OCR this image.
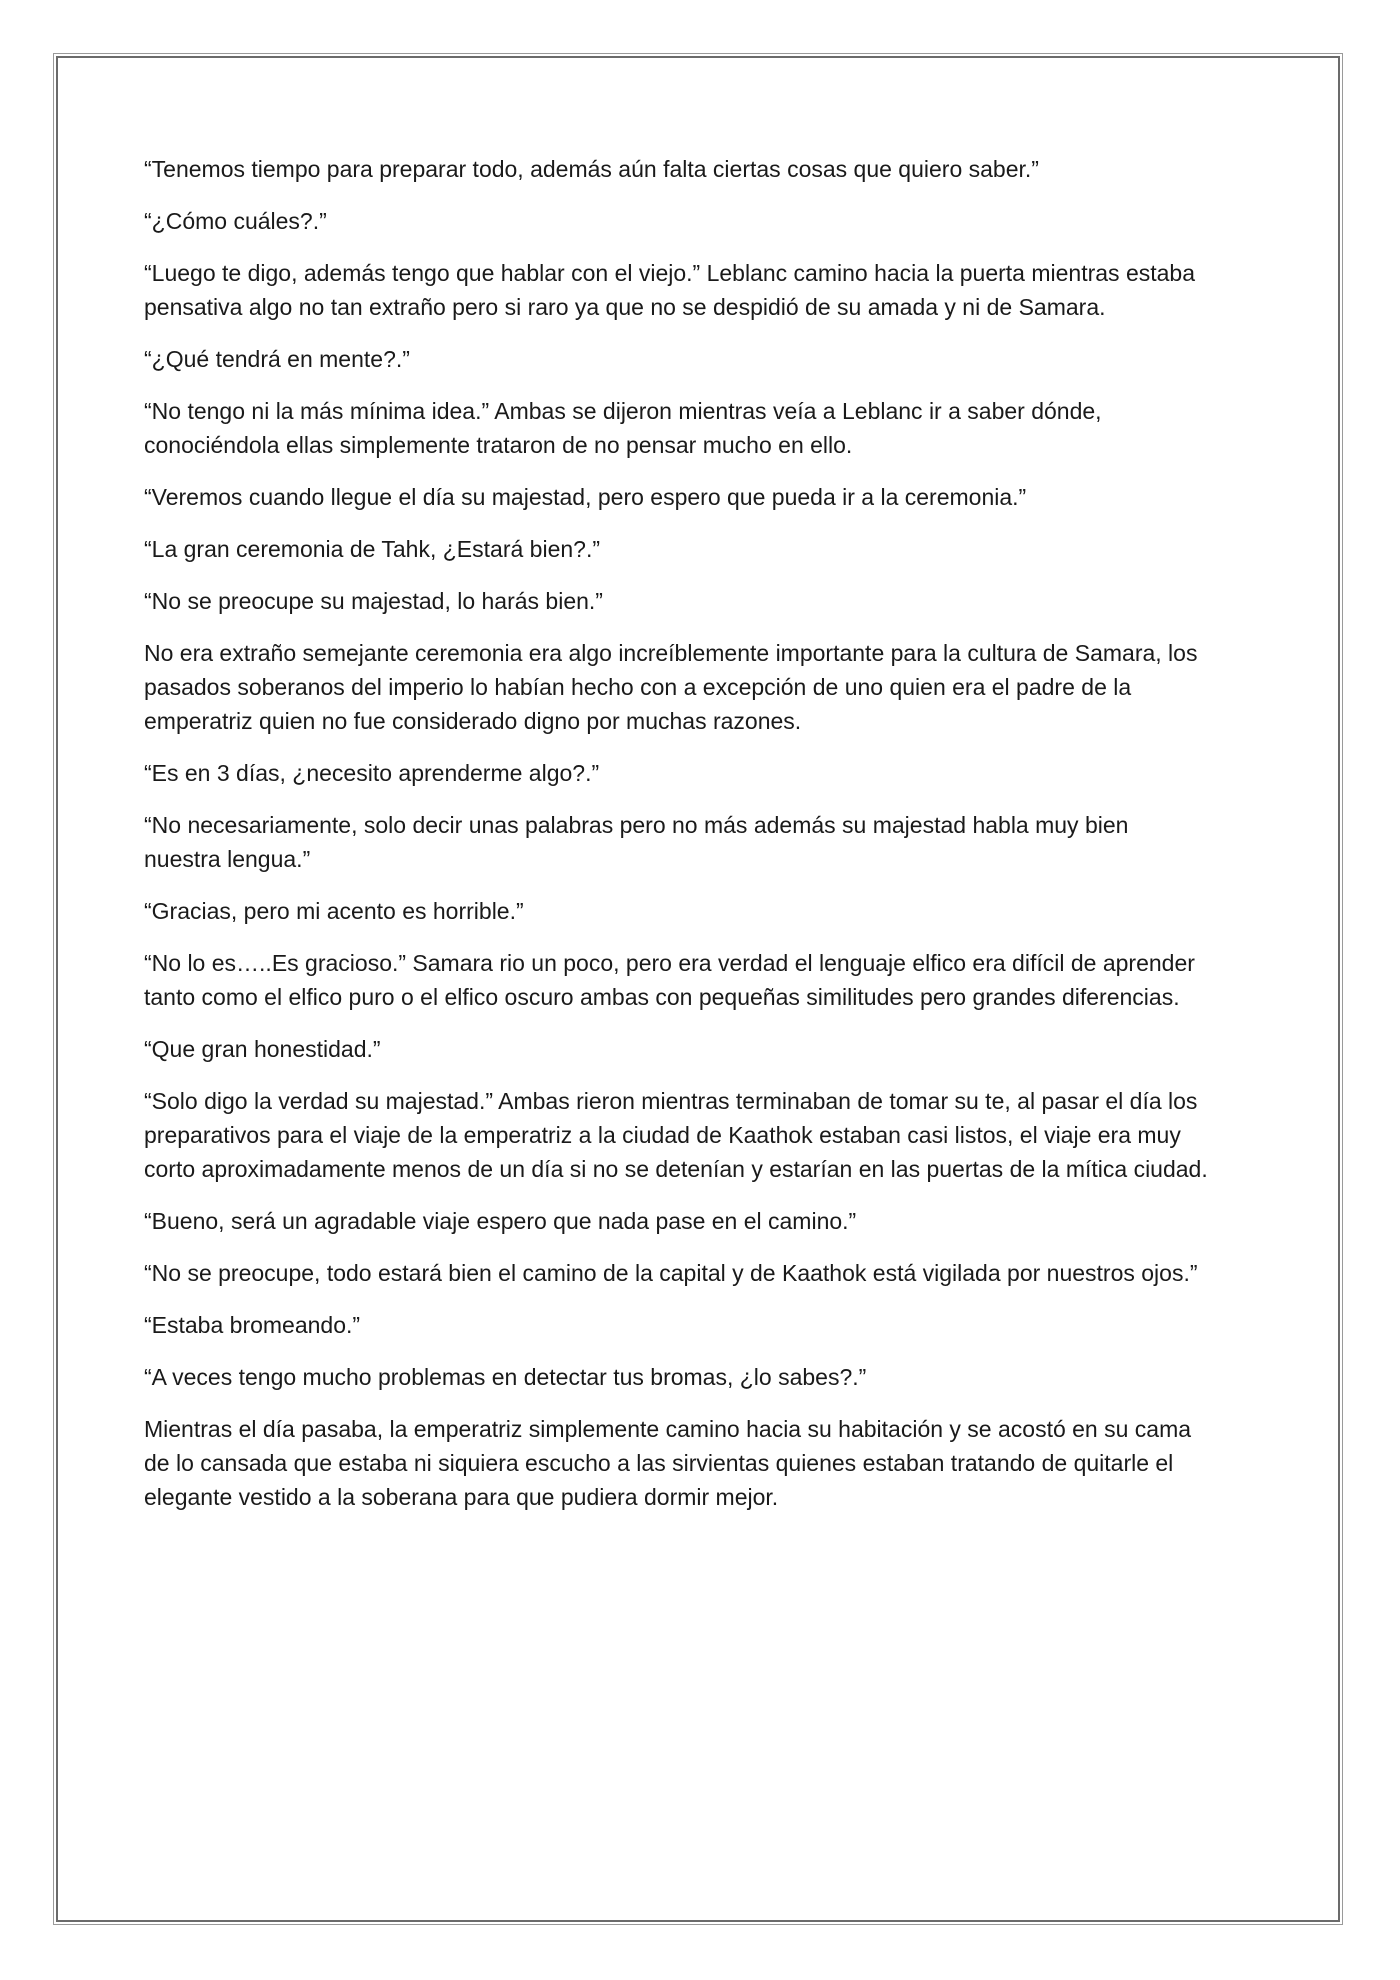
“Tenemos tiempo para preparar todo, además aún falta ciertas cosas que quiero saber.”

“¿Cómo cuáles?.”

“Luego te digo, además tengo que hablar con el viejo.” Leblanc camino hacia la puerta mientras estaba pensativa algo no tan extraño pero si raro ya que no se despidió de su amada y ni de Samara.

“¿Qué tendrá en mente?.”

“No tengo ni la más mínima idea.” Ambas se dijeron mientras veía a Leblanc ir a saber dónde, conociéndola ellas simplemente trataron de no pensar mucho en ello.

“Veremos cuando llegue el día su majestad, pero espero que pueda ir a la ceremonia.”

“La gran ceremonia de Tahk, ¿Estará bien?.”

“No se preocupe su majestad, lo harás bien.”

No era extraño semejante ceremonia era algo increíblemente importante para la cultura de Samara, los pasados soberanos del imperio lo habían hecho con a excepción de uno quien era el padre de la emperatriz quien no fue considerado digno por muchas razones.

“Es en 3 días, ¿necesito aprenderme algo?.”

“No necesariamente, solo decir unas palabras pero no más además su majestad habla muy bien nuestra lengua.”

“Gracias, pero mi acento es horrible.”

“No lo es…..Es gracioso.” Samara rio un poco, pero era verdad el lenguaje elfico era difícil de aprender tanto como el elfico puro o el elfico oscuro ambas con pequeñas similitudes pero grandes diferencias.

“Que gran honestidad.”

“Solo digo la verdad su majestad.” Ambas rieron mientras terminaban de tomar su te, al pasar el día los preparativos para el viaje de la emperatriz a la ciudad de Kaathok estaban casi listos, el viaje era muy corto aproximadamente menos de un día si no se detenían y estarían en las puertas de la mítica ciudad.

“Bueno, será un agradable viaje espero que nada pase en el camino.”

“No se preocupe, todo estará bien el camino de la capital y de Kaathok está vigilada por nuestros ojos.”

“Estaba bromeando.”

“A veces tengo mucho problemas en detectar tus bromas, ¿lo sabes?.”

Mientras el día pasaba, la emperatriz simplemente camino hacia su habitación y se acostó en su cama de lo cansada que estaba ni siquiera escucho a las sirvientas quienes estaban tratando de quitarle el elegante vestido a la soberana para que pudiera dormir mejor.
